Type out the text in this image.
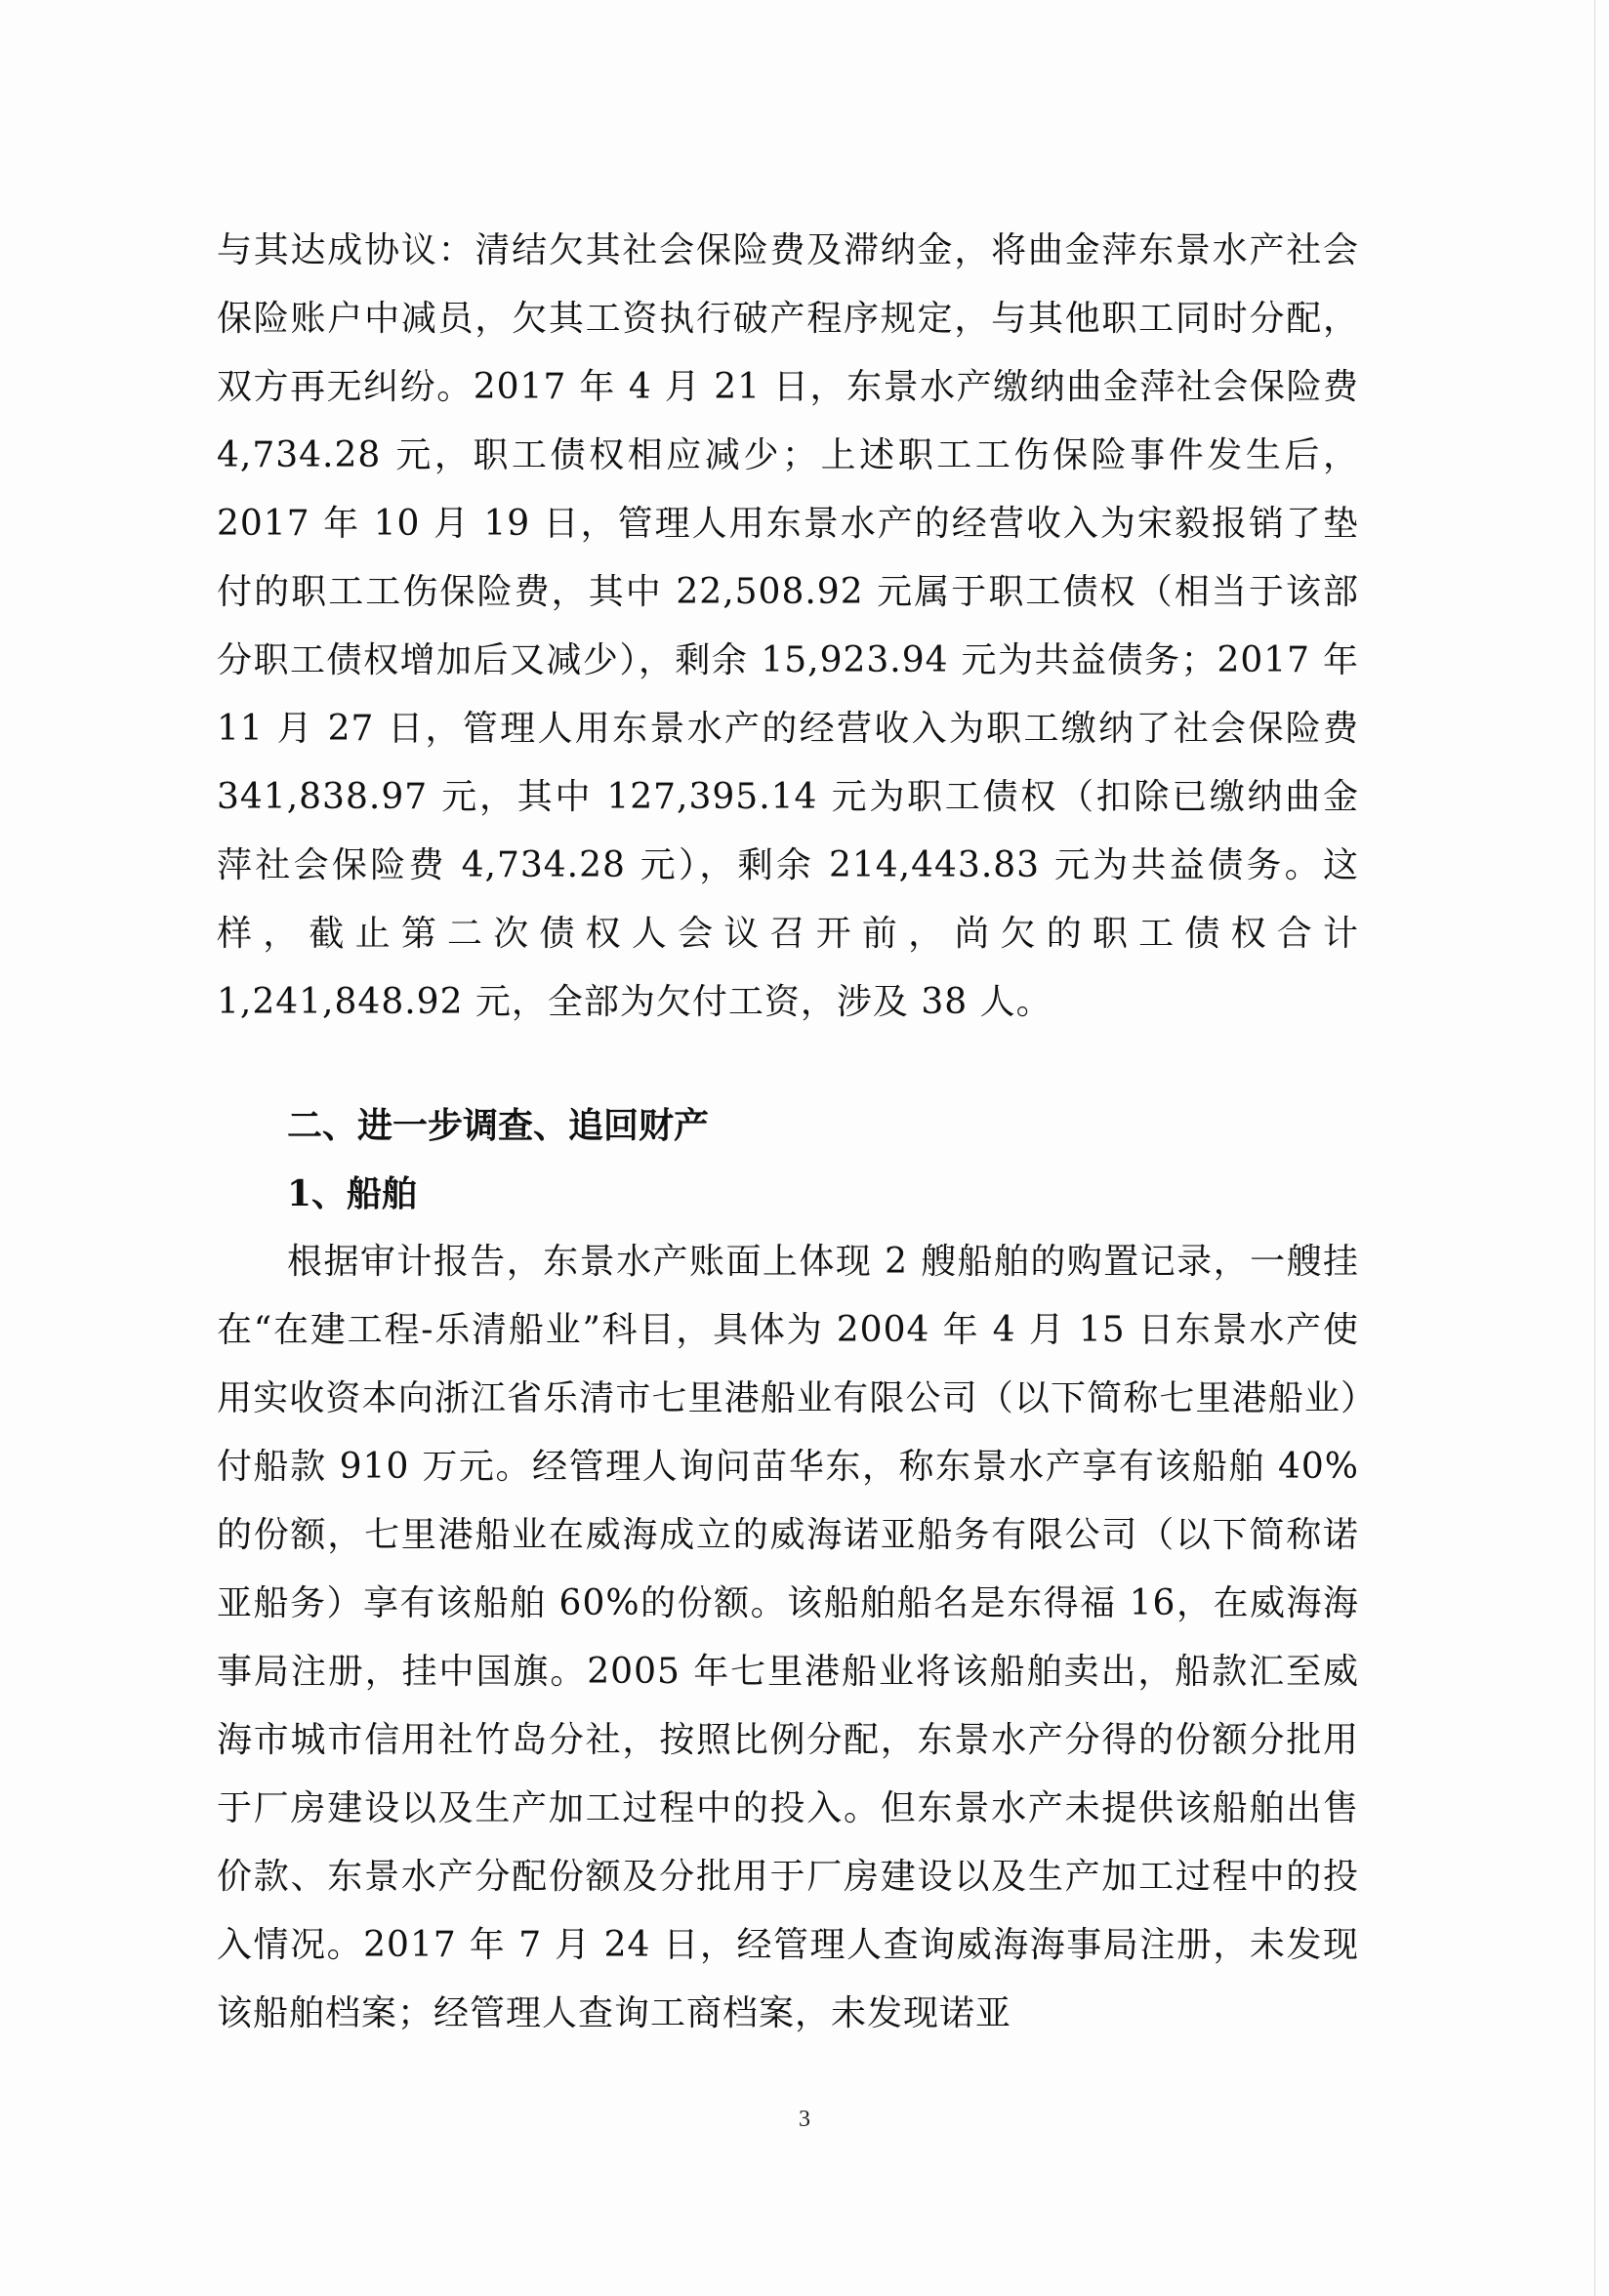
与其达成协议：清结欠其社会保险费及滞纳金，将曲金萍东景水产社会保险账户中减员，欠其工资执行破产程序规定，与其他职工同时分配，双方再无纠纷。2017 年 4 月 21 日，东景水产缴纳曲金萍社会保险费 4,734.28 元，职工债权相应减少；上述职工工伤保险事件发生后，2017 年 10 月 19 日，管理人用东景水产的经营收入为宋毅报销了垫付的职工工伤保险费，其中 22,508.92 元属于职工债权（相当于该部分职工债权增加后又减少），剩余 15,923.94 元为共益债务；2017 年 11 月 27 日，管理人用东景水产的经营收入为职工缴纳了社会保险费 341,838.97 元，其中 127,395.14 元为职工债权（扣除已缴纳曲金萍社会保险费 4,734.28 元），剩余 214,443.83 元为共益债务。这样，截止第二次债权人会议召开前，尚欠的职工债权合计 1,241,848.92 元，全部为欠付工资，涉及 38 人。

二、进一步调查、追回财产

1、船舶

根据审计报告，东景水产账面上体现 2 艘船舶的购置记录，一艘挂在“在建工程-乐清船业”科目，具体为 2004 年 4 月 15 日东景水产使用实收资本向浙江省乐清市七里港船业有限公司（以下简称七里港船业）付船款 910 万元。经管理人询问苗华东，称东景水产享有该船舶 40%的份额，七里港船业在威海成立的威海诺亚船务有限公司（以下简称诺亚船务）享有该船舶 60%的份额。该船舶船名是东得福 16，在威海海事局注册，挂中国旗。2005 年七里港船业将该船舶卖出，船款汇至威海市城市信用社竹岛分社，按照比例分配，东景水产分得的份额分批用于厂房建设以及生产加工过程中的投入。但东景水产未提供该船舶出售价款、东景水产分配份额及分批用于厂房建设以及生产加工过程中的投入情况。2017 年 7 月 24 日，经管理人查询威海海事局注册，未发现该船舶档案；经管理人查询工商档案，未发现诺亚

3
